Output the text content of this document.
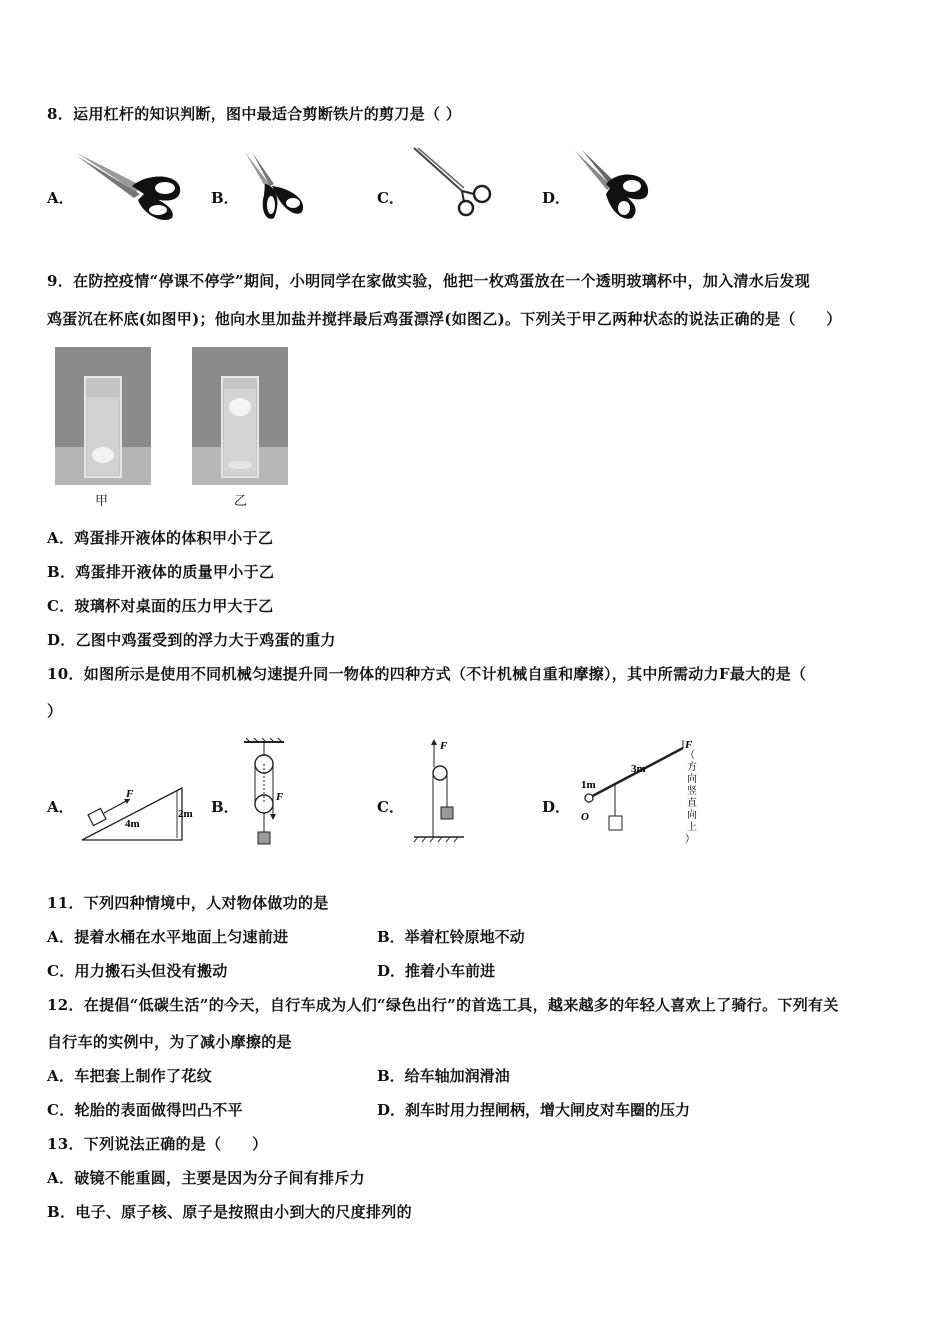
8．运用杠杆的知识判断，图中最适合剪断铁片的剪刀是（ ）
A．	B．	C．	D．
9．在防控疫情“停课不停学”期间，小明同学在家做实验，他把一枚鸡蛋放在一个透明玻璃杯中，加入清水后发现
鸡蛋沉在杯底(如图甲)；他向水里加盐并搅拌最后鸡蛋漂浮(如图乙)。下列关于甲乙两种状态的说法正确的是（　　）
甲	乙
A．鸡蛋排开液体的体积甲小于乙
B．鸡蛋排开液体的质量甲小于乙
C．玻璃杯对桌面的压力甲大于乙
D．乙图中鸡蛋受到的浮力大于鸡蛋的重力
10．如图所示是使用不同机械匀速提升同一物体的四种方式（不计机械自重和摩擦），其中所需动力F最大的是（
）
A．
F
4m
2m B．
F
C．
F
D．
F
1m
3m
O
（
方
向
竖
直
向
上
）
11．下列四种情境中，人对物体做功的是
A．提着水桶在水平地面上匀速前进	B．举着杠铃原地不动
C．用力搬石头但没有搬动	D．推着小车前进
12．在提倡“低碳生活”的今天，自行车成为人们“绿色出行”的首选工具，越来越多的年轻人喜欢上了骑行。下列有关
自行车的实例中，为了减小摩擦的是
A．车把套上制作了花纹	B．给车轴加润滑油
C．轮胎的表面做得凹凸不平	D．刹车时用力捏闸柄，增大闸皮对车圈的压力
13．下列说法正确的是（　　）
A．破镜不能重圆，主要是因为分子间有排斥力
B．电子、原子核、原子是按照由小到大的尺度排列的
